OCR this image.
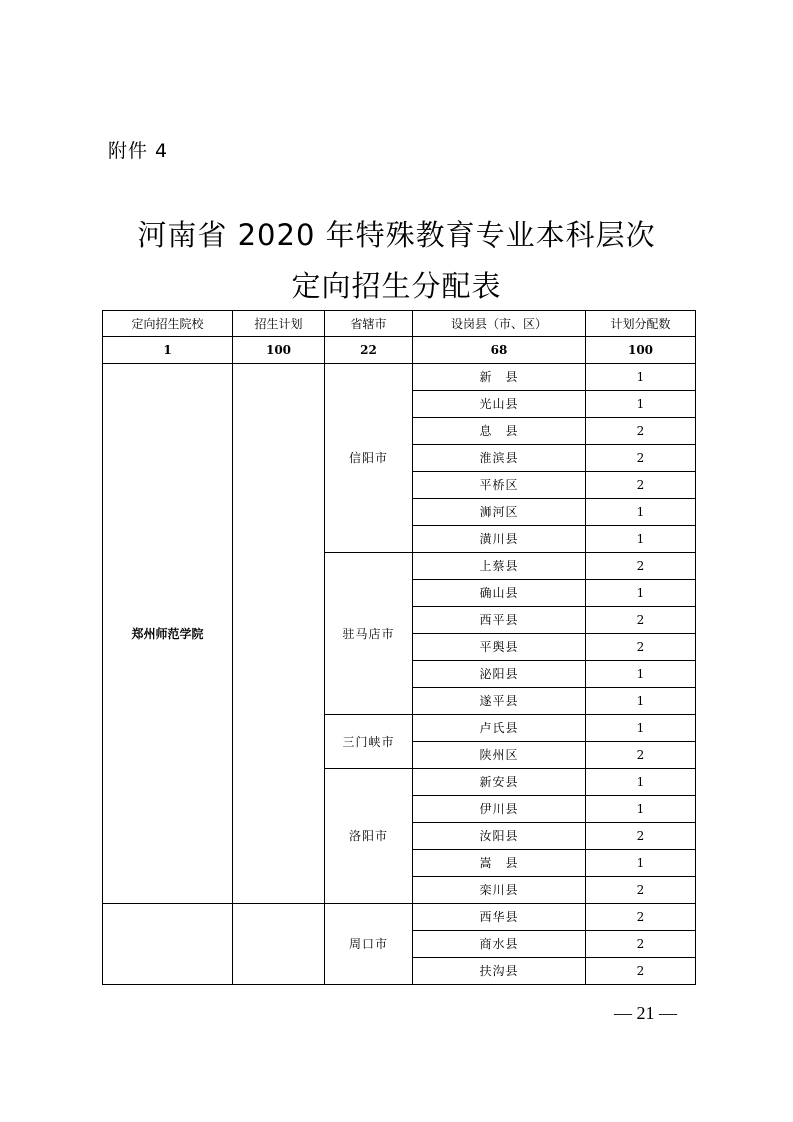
附件 4
河南省 2020 年特殊教育专业本科层次
定向招生分配表
定向招生院校	招生计划	省辖市	设岗县（市、区）	计划分配数
1	100	22	68	100
郑州师范学院		信阳市	新　县	1
			光山县	1
			息　县	2
			淮滨县	2
			平桥区	2
			浉河区	1
			潢川县	1
		驻马店市	上蔡县	2
			确山县	1
			西平县	2
			平舆县	2
			泌阳县	1
			遂平县	1
		三门峡市	卢氏县	1
			陕州区	2
		洛阳市	新安县	1
			伊川县	1
			汝阳县	2
			嵩　县	1
			栾川县	2
		周口市	西华县	2
			商水县	2
			扶沟县	2
— 21 —
